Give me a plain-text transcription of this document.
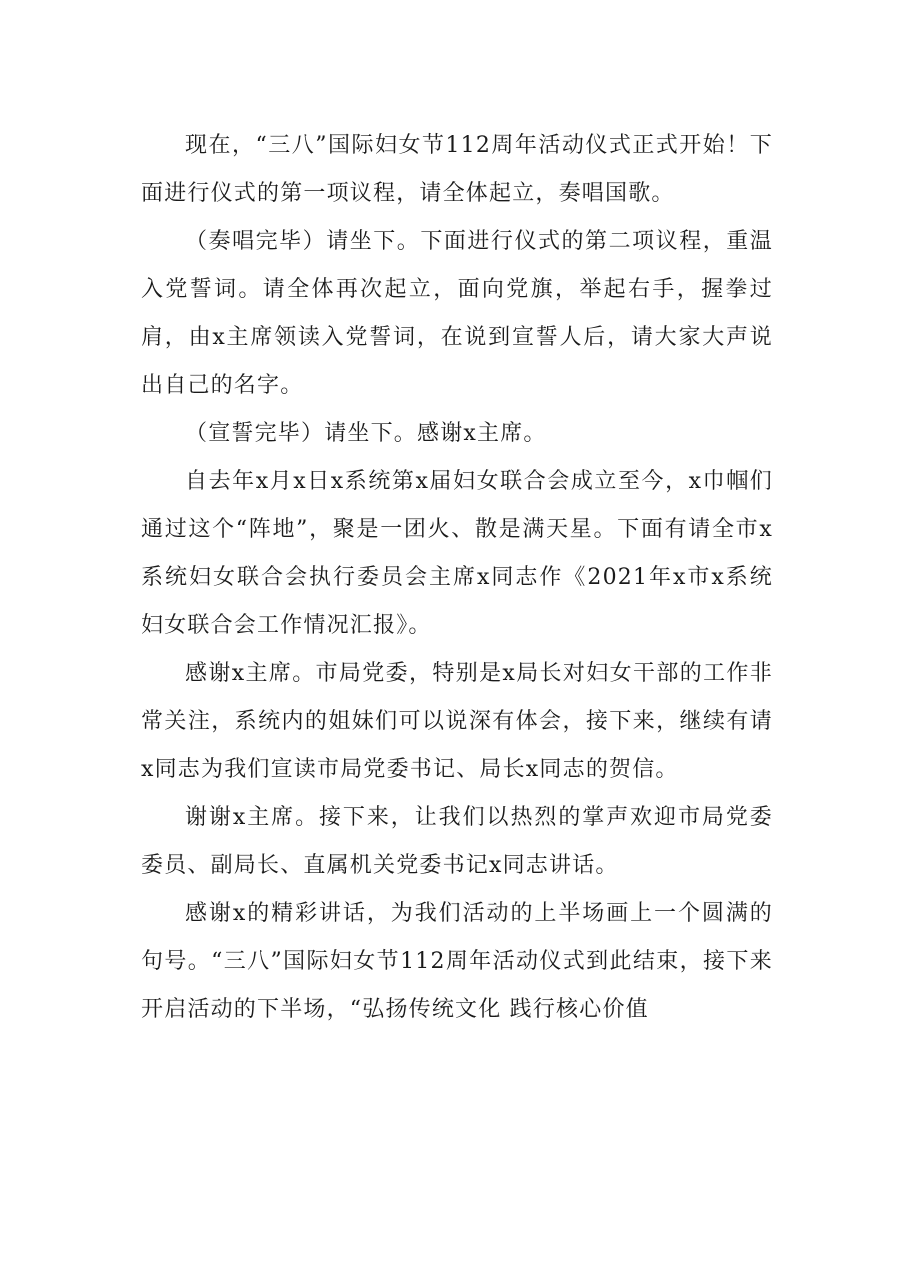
现在，“三八”国际妇女节112周年活动仪式正式开始！下面进行仪式的第一项议程，请全体起立，奏唱国歌。

（奏唱完毕）请坐下。下面进行仪式的第二项议程，重温入党誓词。请全体再次起立，面向党旗，举起右手，握拳过肩，由x主席领读入党誓词，在说到宣誓人后，请大家大声说出自己的名字。

（宣誓完毕）请坐下。感谢x主席。

自去年x月x日x系统第x届妇女联合会成立至今，x巾帼们通过这个“阵地”，聚是一团火、散是满天星。下面有请全市x系统妇女联合会执行委员会主席x同志作《2021年x市x系统妇女联合会工作情况汇报》。

感谢x主席。市局党委，特别是x局长对妇女干部的工作非常关注，系统内的姐妹们可以说深有体会，接下来，继续有请x同志为我们宣读市局党委书记、局长x同志的贺信。

谢谢x主席。接下来，让我们以热烈的掌声欢迎市局党委委员、副局长、直属机关党委书记x同志讲话。

感谢x的精彩讲话，为我们活动的上半场画上一个圆满的句号。“三八”国际妇女节112周年活动仪式到此结束，接下来开启活动的下半场，“弘扬传统文化 践行核心价值
